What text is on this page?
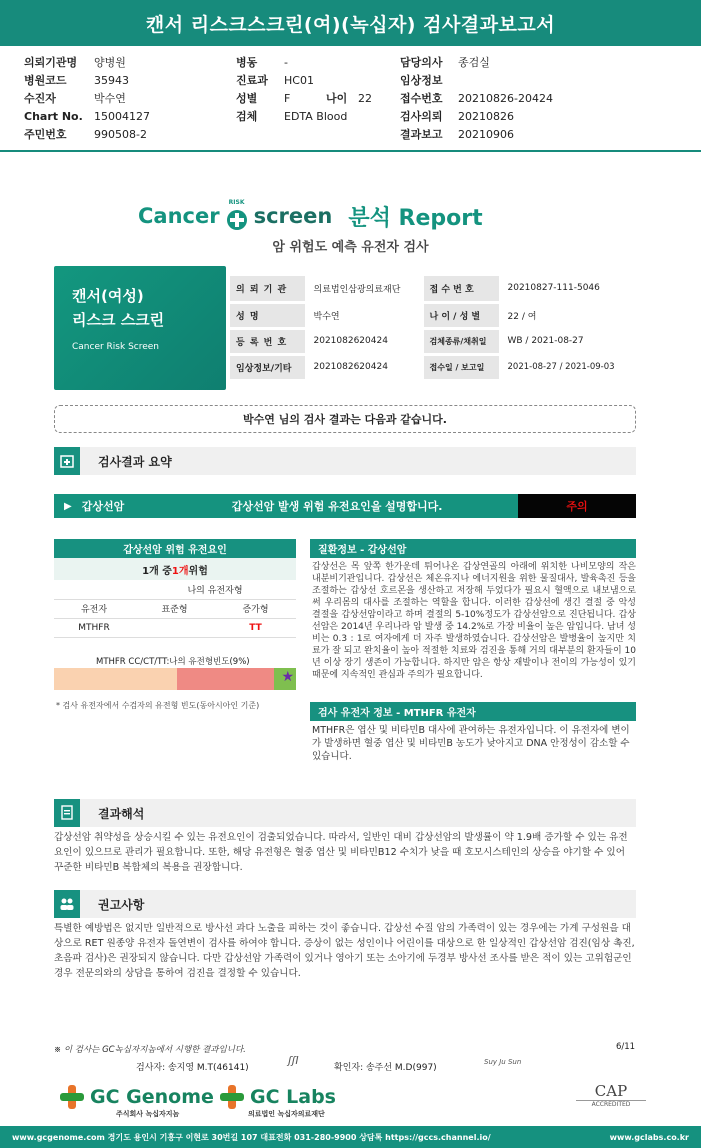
캔서 리스크스크린(여)(녹십자) 검사결과보고서
의뢰기관명 양병원
병원코드 35943
수진자	박수연
Chart No. 15004127
주민번호 990508-2
병동 -
진료과 HC01
성별 F	나이 22
검체 EDTA Blood
담당의사 종검실
임상정보
접수번호 20210826-20424
검사의뢰 20210826
결과보고 20210906
Cancer
RISK
screen 분석 Report
암 위험도 예측 유전자 검사
캔서(여성)
리스크 스크린
Cancer Risk Screen
의 뢰 기 관	의료법인삼광의료재단	접 수 번 호	20210827-111-5046
성 명	박수연	나 이 / 성 별	22 / 여
등 록 번 호	2021082620424	검체종류/채취일	WB / 2021-08-27
임상정보/기타	2021082620424	접수일 / 보고일	2021-08-27 / 2021-09-03
박수연 님의 검사 결과는 다음과 같습니다.
검사결과 요약
▶ 갑상선암	갑상선암 발생 위험 유전요인을 설명합니다.	주의
갑상선암 위험 유전요인
1개 중 1개 위험
	나의 유전자형	
유전자	표준형	증가형
MTHFR		TT
MTHFR CC/CT/TT:나의 유전형빈도(9%)
★
* 검사 유전자에서 수검자의 유전형 빈도(동아시아인 기준)
질환정보 - 갑상선암
갑상선은 목 앞쪽 한가운데 튀어나온 갑상연골의 아래에 위치한 나비모양의 작은 내분비기관입니다. 갑상선은 체온유지나 에너지원을 위한 물질대사, 발육촉진 등을 조절하는 갑상선 호르몬을 생산하고 저장해 두었다가 필요시 혈액으로 내보냄으로써 우리몸의 대사를 조절하는 역할을 합니다. 이러한 갑상선에 생긴 결절 중 악성 결절을 갑상선암이라고 하며 결절의 5-10%정도가 갑상선암으로 진단됩니다. 갑상선암은 2014년 우리나라 암 발생 중 14.2%로 가장 비율이 높은 암입니다. 남녀 성비는 0.3 : 1로 여자에게 더 자주 발생하였습니다. 갑상선암은 발병율이 높지만 치료가 잘 되고 완치율이 높아 적절한 치료와 검진을 통해 거의 대부분의 환자들이 10년 이상 장기 생존이 가능합니다. 하지만 암은 항상 재발이나 전이의 가능성이 있기 때문에 지속적인 관심과 주의가 필요합니다.
검사 유전자 정보 - MTHFR 유전자
MTHFR은 엽산 및 비타민B 대사에 관여하는 유전자입니다. 이 유전자에 변이가 발생하면 혈중 엽산 및 비타민B 농도가 낮아지고 DNA 안정성이 감소할 수 있습니다.
결과해석
갑상선암 취약성을 상승시킬 수 있는 유전요인이 검출되었습니다. 따라서, 일반인 대비 갑상선암의 발생률이 약 1.9배 증가할 수 있는 유전요인이 있으므로 관리가 필요합니다. 또한, 해당 유전형은 혈중 엽산 및 비타민B12 수치가 낮을 때 호모시스테인의 상승을 야기할 수 있어 꾸준한 비타민B 복합체의 복용을 권장합니다.
권고사항
특별한 예방법은 없지만 일반적으로 방사선 과다 노출을 피하는 것이 좋습니다. 갑상선 수질 암의 가족력이 있는 경우에는 가계 구성원을 대상으로 RET 원종양 유전자 돌연변이 검사를 하여야 합니다. 증상이 없는 성인이나 어린이를 대상으로 한 일상적인 갑상선암 검진(임상 촉진, 초음파 검사)은 권장되지 않습니다. 다만 갑상선암 가족력이 있거나 영아기 또는 소아기에 두경부 방사선 조사를 받은 적이 있는 고위험군인 경우 전문의와의 상담을 통하여 검진을 결정할 수 있습니다.
※ 이 검사는 GC녹십자지놈에서 시행한 결과입니다.	6/11
검사자: 송지영 M.T(46141)
ʃʃI
확인자: 송주선 M.D(997)
Suy Ju Sun
GC Genome
주식회사 녹십자지놈
GC Labs
의료법인 녹십자의료재단
CAP
ACCREDITED
www.gcgenome.com 경기도 용인시 기흥구 이현로 30번길 107 대표전화 031-280-9900 상담톡 https://gccs.channel.io/	www.gclabs.co.kr
